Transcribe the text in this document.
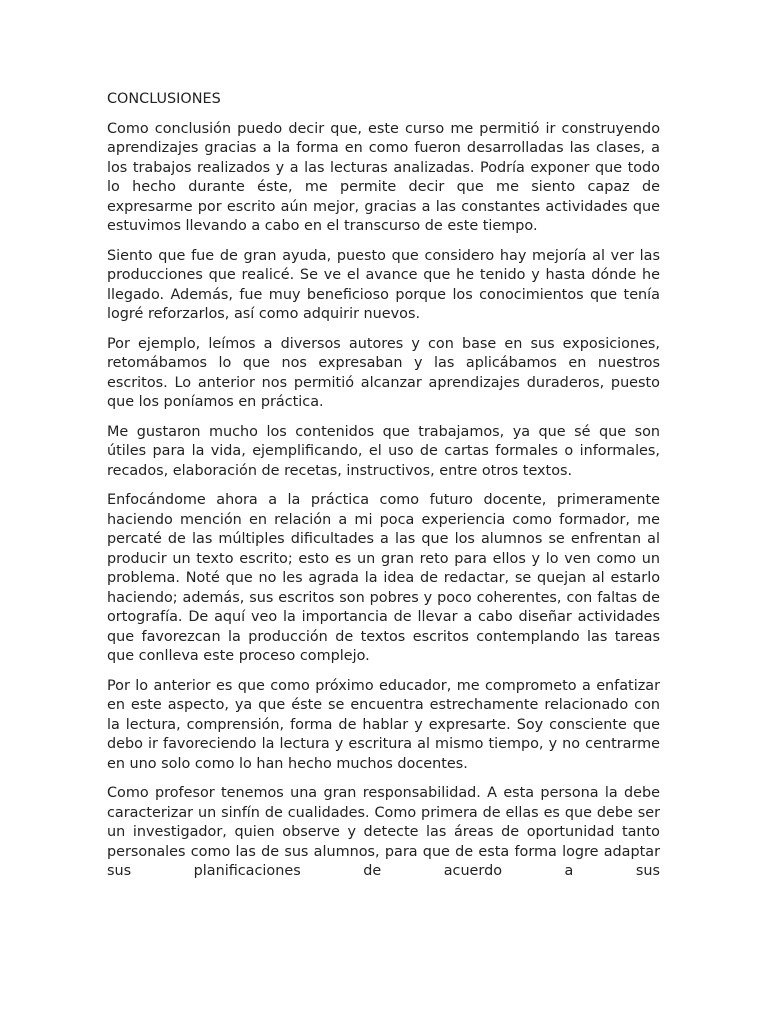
CONCLUSIONES

Como conclusión puedo decir que, este curso me permitió ir construyendo aprendizajes gracias a la forma en como fueron desarrolladas las clases, a los trabajos realizados y a las lecturas analizadas. Podría exponer que todo lo hecho durante éste, me permite decir que me siento capaz de expresarme por escrito aún mejor, gracias a las constantes actividades que estuvimos llevando a cabo en el transcurso de este tiempo.

Siento que fue de gran ayuda, puesto que considero hay mejoría al ver las producciones que realicé. Se ve el avance que he tenido y hasta dónde he llegado. Además, fue muy beneficioso porque los conocimientos que tenía logré reforzarlos, así como adquirir nuevos.

Por ejemplo, leímos a diversos autores y con base en sus exposiciones, retomábamos lo que nos expresaban y las aplicábamos en nuestros escritos. Lo anterior nos permitió alcanzar aprendizajes duraderos, puesto que los poníamos en práctica.

Me gustaron mucho los contenidos que trabajamos, ya que sé que son útiles para la vida, ejemplificando, el uso de cartas formales o informales, recados, elaboración de recetas, instructivos, entre otros textos.

Enfocándome ahora a la práctica como futuro docente, primeramente haciendo mención en relación a mi poca experiencia como formador, me percaté de las múltiples dificultades a las que los alumnos se enfrentan al producir un texto escrito; esto es un gran reto para ellos y lo ven como un problema. Noté que no les agrada la idea de redactar, se quejan al estarlo haciendo; además, sus escritos son pobres y poco coherentes, con faltas de ortografía. De aquí veo la importancia de llevar a cabo diseñar actividades que favorezcan la producción de textos escritos contemplando las tareas que conlleva este proceso complejo.

Por lo anterior es que como próximo educador, me comprometo a enfatizar en este aspecto, ya que éste se encuentra estrechamente relacionado con la lectura, comprensión, forma de hablar y expresarte. Soy consciente que debo ir favoreciendo la lectura y escritura al mismo tiempo, y no centrarme en uno solo como lo han hecho muchos docentes.

Como profesor tenemos una gran responsabilidad. A esta persona la debe caracterizar un sinfín de cualidades. Como primera de ellas es que debe ser un investigador, quien observe y detecte las áreas de oportunidad tanto personales como las de sus alumnos, para que de esta forma logre adaptar sus planificaciones de acuerdo a sus
